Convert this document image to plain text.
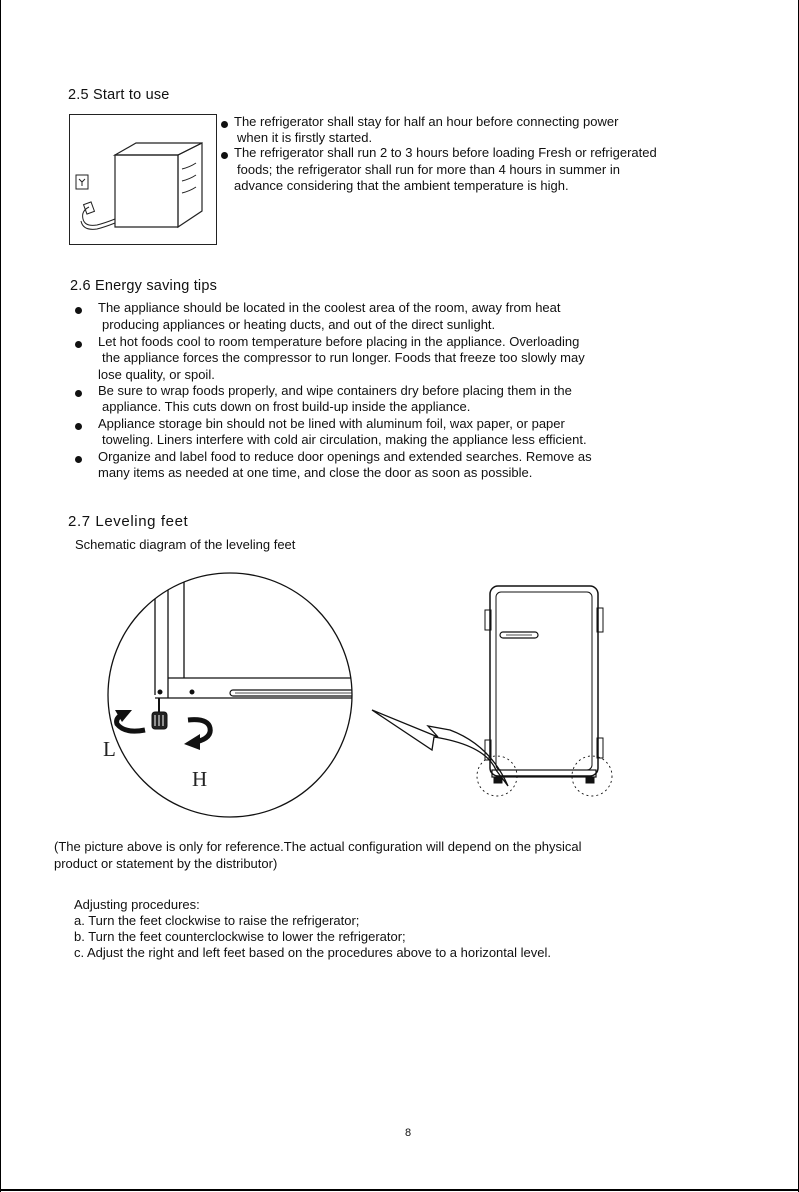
2.5 Start to use
The refrigerator shall stay for half an hour before connecting power
when it is firstly started.
The refrigerator shall run 2 to 3 hours before loading Fresh or refrigerated
foods; the refrigerator shall run for more than 4 hours in summer in
advance considering that the ambient temperature is high.
2.6 Energy saving tips
The appliance should be located in the coolest area of the room, away from heat
producing appliances or heating ducts, and out of the direct sunlight.
Let hot foods cool to room temperature before placing in the appliance. Overloading
the appliance forces the compressor to run longer. Foods that freeze too slowly may
lose quality, or spoil.
Be sure to wrap foods properly, and wipe containers dry before placing them in the
appliance. This cuts down on frost build-up inside the appliance.
Appliance storage bin should not be lined with aluminum foil, wax paper, or paper
toweling. Liners interfere with cold air circulation, making the appliance less efficient.
Organize and label food to reduce door openings and extended searches. Remove as
many items as needed at one time, and close the door as soon as possible.
2.7 Leveling feet
Schematic diagram of the leveling feet
L
H
(The picture above is only for reference.The actual configuration will depend on the physical
product or statement by the distributor)
Adjusting procedures:
a. Turn the feet clockwise to raise the refrigerator;
b. Turn the feet counterclockwise to lower the refrigerator;
c. Adjust the right and left feet based on the procedures above to a horizontal level.
8
